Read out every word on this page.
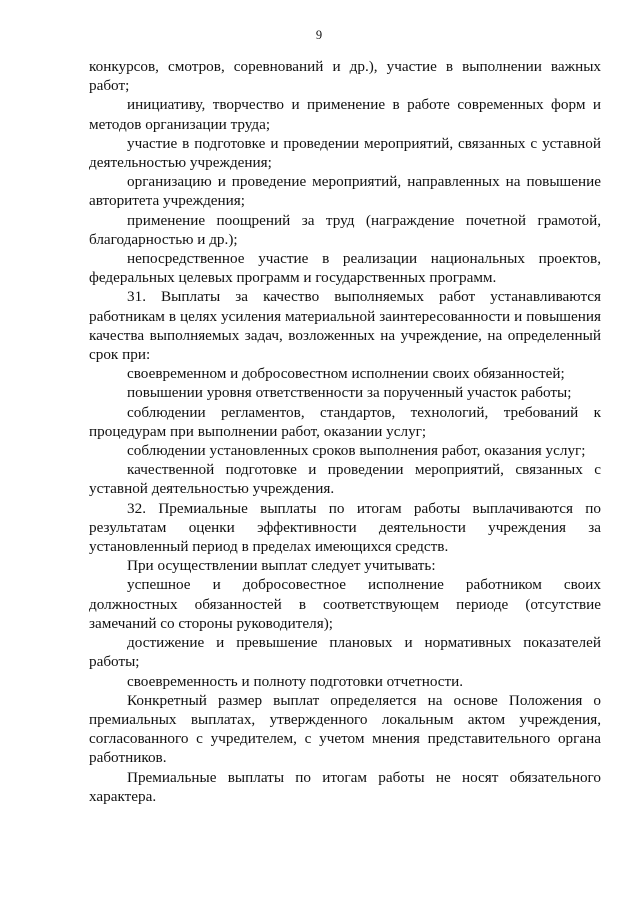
9

конкурсов, смотров, соревнований и др.), участие в выполнении важных работ;

инициативу, творчество и применение в работе современных форм и методов организации труда;

участие в подготовке и проведении мероприятий, связанных с уставной деятельностью учреждения;

организацию и проведение мероприятий, направленных на повышение авторитета учреждения;

применение поощрений за труд (награждение почетной грамотой, благодарностью и др.);

непосредственное участие в реализации национальных проектов, федеральных целевых программ и государственных программ.

31. Выплаты за качество выполняемых работ устанавливаются работникам в целях усиления материальной заинтересованности и повышения качества выполняемых задач, возложенных на учреждение, на определенный срок при:

своевременном и добросовестном исполнении своих обязанностей;

повышении уровня ответственности за порученный участок работы;

соблюдении регламентов, стандартов, технологий, требований к процедурам при выполнении работ, оказании услуг;

соблюдении установленных сроков выполнения работ, оказания услуг;

качественной подготовке и проведении мероприятий, связанных с уставной деятельностью учреждения.

32. Премиальные выплаты по итогам работы выплачиваются по результатам оценки эффективности деятельности учреждения за установленный период в пределах имеющихся средств.

При осуществлении выплат следует учитывать:

успешное и добросовестное исполнение работником своих должностных обязанностей в соответствующем периоде (отсутствие замечаний со стороны руководителя);

достижение и превышение плановых и нормативных показателей работы;

своевременность и полноту подготовки отчетности.

Конкретный размер выплат определяется на основе Положения о премиальных выплатах, утвержденного локальным актом учреждения, согласованного с учредителем, с учетом мнения представительного органа работников.

Премиальные выплаты по итогам работы не носят обязательного характера.
